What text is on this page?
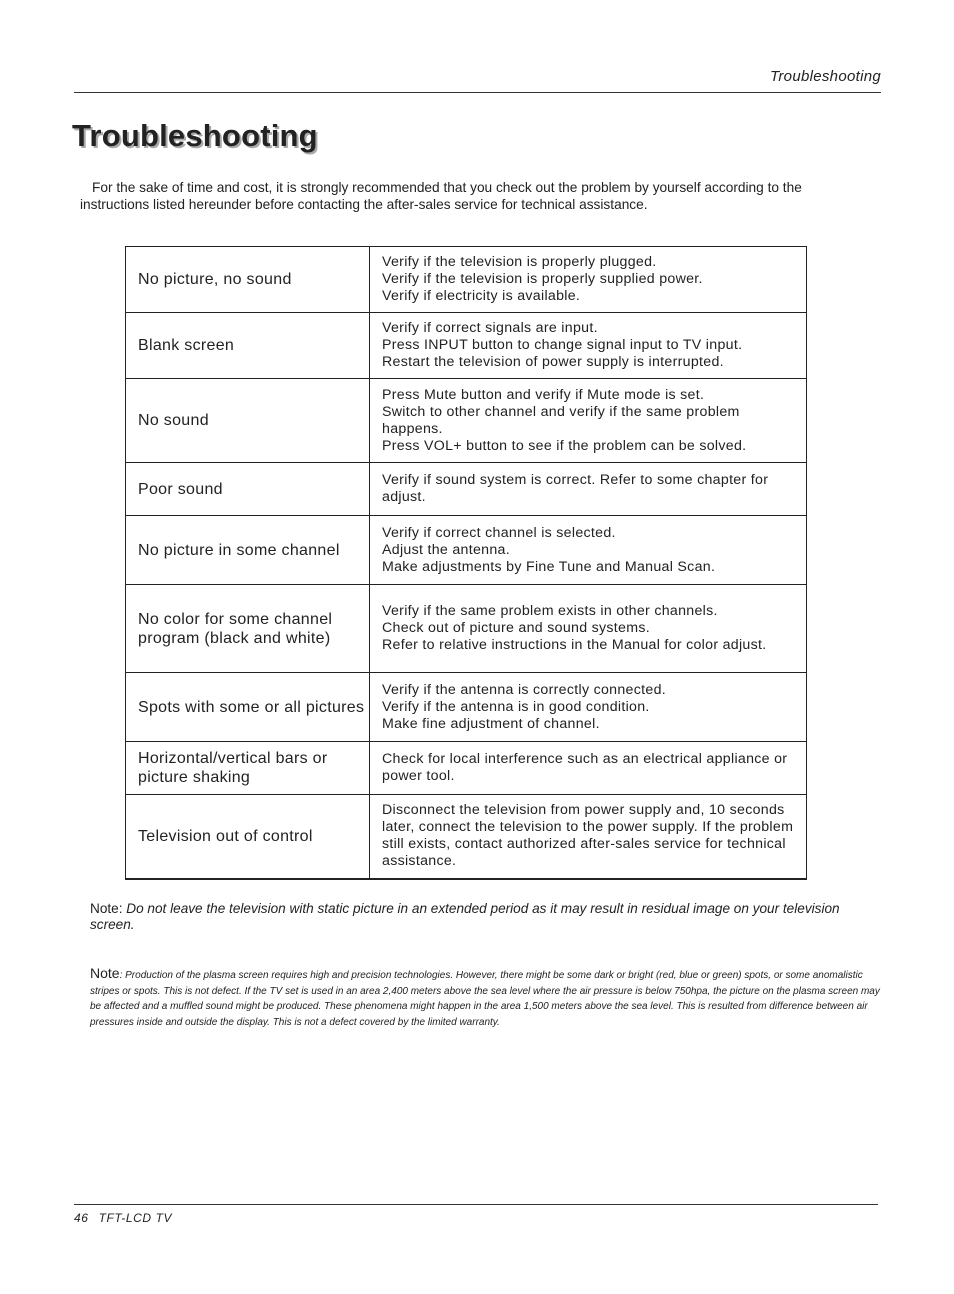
Troubleshooting
Troubleshooting

For the sake of time and cost, it is strongly recommended that you check out the problem by yourself according to the instructions listed hereunder before contacting the after-sales service for technical assistance.

No picture, no sound	Verify if the television is properly plugged.
Verify if the television is properly supplied power.
Verify if electricity is available.

Blank screen	Verify if correct signals are input.
Press INPUT button to change signal input to TV input.
Restart the television of power supply is interrupted.

No sound	Press Mute button and verify if Mute mode is set.
Switch to other channel and verify if the same problem happens.
Press VOL+ button to see if the problem can be solved.

Poor sound	Verify if sound system is correct. Refer to some chapter for adjust.

No picture in some channel	Verify if correct channel is selected.
Adjust the antenna.
Make adjustments by Fine Tune and Manual Scan.

No color for some channel program (black and white)	Verify if the same problem exists in other channels.
Check out of picture and sound systems.
Refer to relative instructions in the Manual for color adjust.

Spots with some or all pictures	Verify if the antenna is correctly connected.
Verify if the antenna is in good condition.
Make fine adjustment of channel.

Horizontal/vertical bars or picture shaking	Check for local interference such as an electrical appliance or power tool.

Television out of control	Disconnect the television from power supply and, 10 seconds later, connect the television to the power supply. If the problem still exists, contact authorized after-sales service for technical assistance.

Note: Do not leave the television with static picture in an extended period as it may result in residual image on your television screen.

Note: Production of the plasma screen requires high and precision technologies. However, there might be some dark or bright (red, blue or green) spots, or some anomalistic stripes or spots. This is not defect. If the TV set is used in an area 2,400 meters above the sea level where the air pressure is below 750hpa, the picture on the plasma screen may be affected and a muffled sound might be produced. These phenomena might happen in the area 1,500 meters above the sea level. This is resulted from difference between air pressures inside and outside the display. This is not a defect covered by the limited warranty.

46 TFT-LCD TV
